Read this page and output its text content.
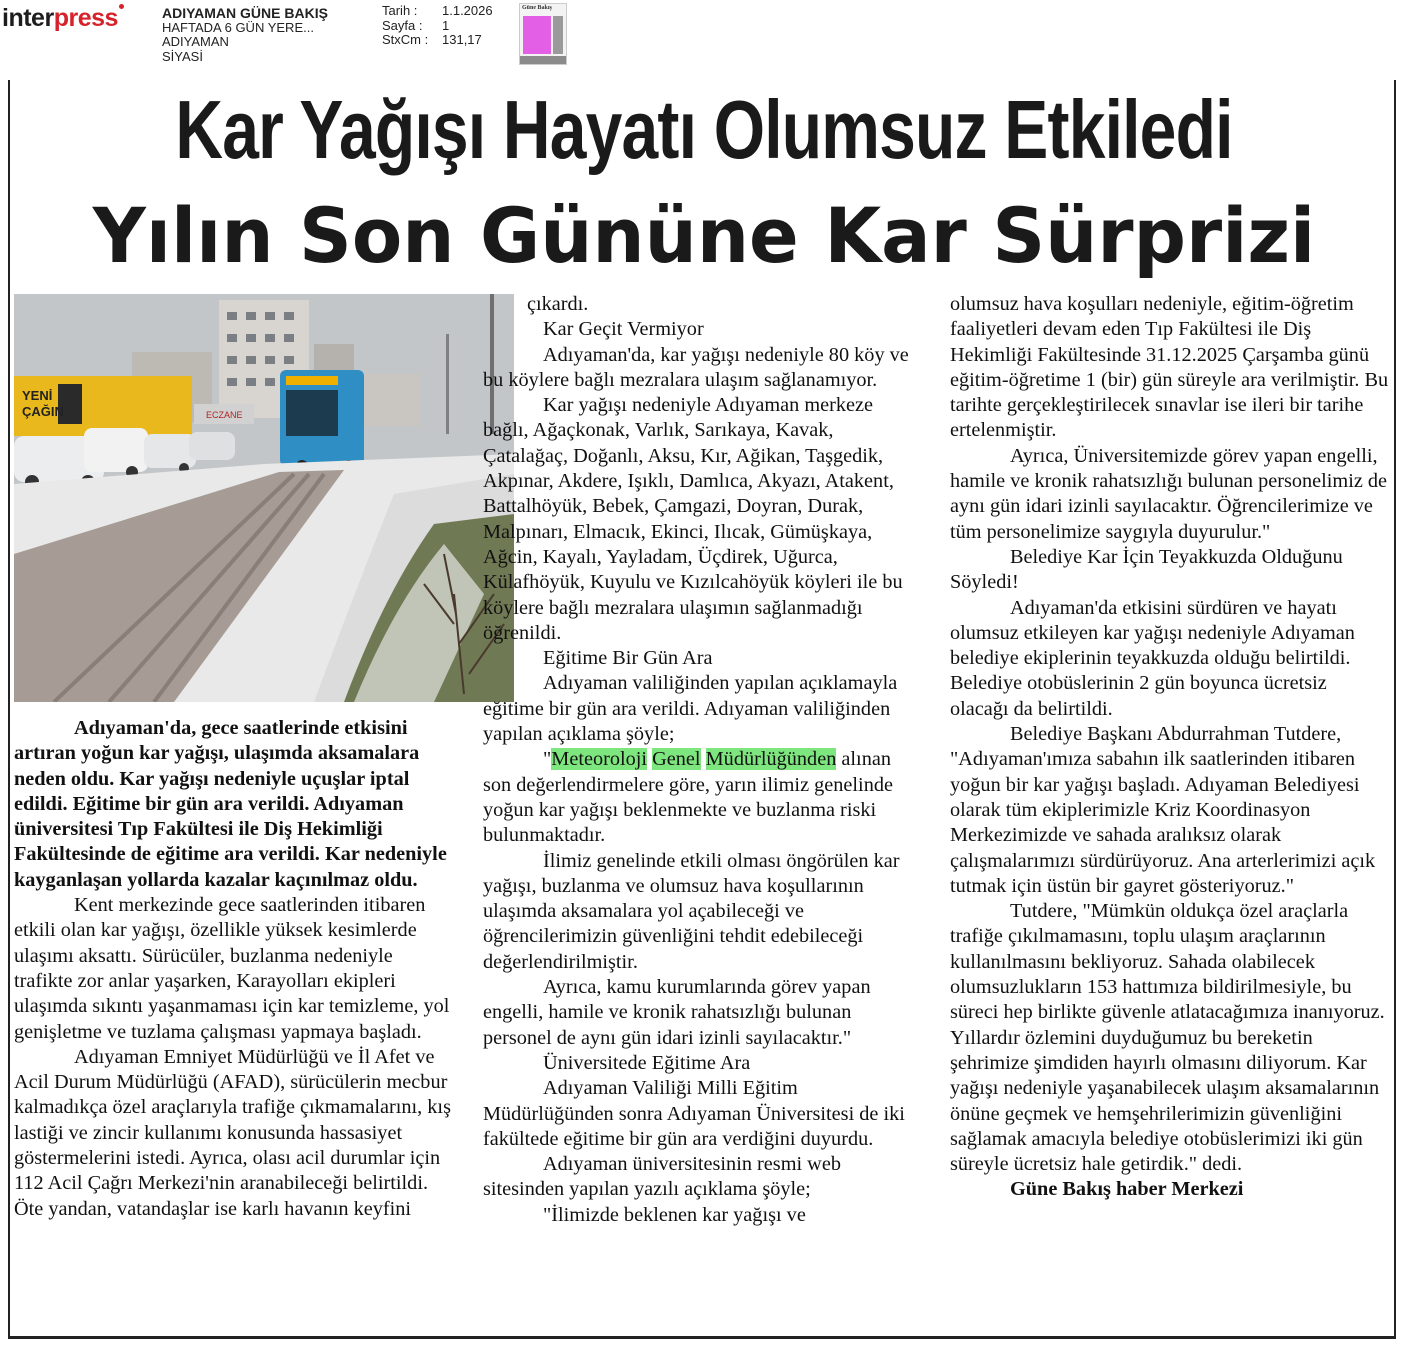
interpress	ADIYAMAN GÜNE BAKIŞ
HAFTADA 6 GÜN YERE...
ADIYAMAN
SİYASİ
Tarih :	1.1.2026
Sayfa :	1
StxCm :	131,17
Güne Bakış
Kar Yağışı Hayatı Olumsuz Etkiledi
Yılın Son Gününe Kar Sürprizi
YENİ
ÇAĞIN	ECZANE

Adıyaman'da, gece saatlerinde etkisini artıran yoğun kar yağışı, ulaşımda aksamalara neden oldu. Kar yağışı nedeniyle uçuşlar iptal edildi. Eğitime bir gün ara verildi. Adıyaman üniversitesi Tıp Fakültesi ile Diş Hekimliği Fakültesinde de eğitime ara verildi. Kar nedeniyle kayganlaşan yollarda kazalar kaçınılmaz oldu.

Kent merkezinde gece saatlerinden itibaren etkili olan kar yağışı, özellikle yüksek kesimlerde ulaşımı aksattı. Sürücüler, buzlanma nedeniyle trafikte zor anlar yaşarken, Karayolları ekipleri ulaşımda sıkıntı yaşanmaması için kar temizleme, yol genişletme ve tuzlama çalışması yapmaya başladı.

Adıyaman Emniyet Müdürlüğü ve İl Afet ve Acil Durum Müdürlüğü (AFAD), sürücülerin mecbur kalmadıkça özel araçlarıyla trafiğe çıkmamalarını, kış lastiği ve zincir kullanımı konusunda hassasiyet göstermelerini istedi. Ayrıca, olası acil durumlar için 112 Acil Çağrı Merkezi'nin aranabileceği belirtildi. Öte yandan, vatandaşlar ise karlı havanın keyfini

çıkardı.

Kar Geçit Vermiyor

Adıyaman'da, kar yağışı nedeniyle 80 köy ve bu köylere bağlı mezralara ulaşım sağlanamıyor.

Kar yağışı nedeniyle Adıyaman merkeze bağlı, Ağaçkonak, Varlık, Sarıkaya, Kavak, Çatalağaç, Doğanlı, Aksu, Kır, Ağikan, Taşgedik, Akpınar, Akdere, Işıklı, Damlıca, Akyazı, Atakent, Battalhöyük, Bebek, Çamgazi, Doyran, Durak, Malpınarı, Elmacık, Ekinci, Ilıcak, Gümüşkaya, Ağcin, Kayalı, Yayladam, Üçdirek, Uğurca, Külafhöyük, Kuyulu ve Kızılcahöyük köyleri ile bu köylere bağlı mezralara ulaşımın sağlanmadığı öğrenildi.

Eğitime Bir Gün Ara

Adıyaman valiliğinden yapılan açıklamayla eğitime bir gün ara verildi. Adıyaman valiliğinden yapılan açıklama şöyle;

"Meteoroloji Genel Müdürlüğünden alınan son değerlendirmelere göre, yarın ilimiz genelinde yoğun kar yağışı beklenmekte ve buzlanma riski bulunmaktadır.

İlimiz genelinde etkili olması öngörülen kar yağışı, buzlanma ve olumsuz hava koşullarının ulaşımda aksamalara yol açabileceği ve öğrencilerimizin güvenliğini tehdit edebileceği değerlendirilmiştir.

Ayrıca, kamu kurumlarında görev yapan engelli, hamile ve kronik rahatsızlığı bulunan personel de aynı gün idari izinli sayılacaktır."

Üniversitede Eğitime Ara

Adıyaman Valiliği Milli Eğitim Müdürlüğünden sonra Adıyaman Üniversitesi de iki fakültede eğitime bir gün ara verdiğini duyurdu.

Adıyaman üniversitesinin resmi web sitesinden yapılan yazılı açıklama şöyle;

"İlimizde beklenen kar yağışı ve

olumsuz hava koşulları nedeniyle, eğitim-öğretim faaliyetleri devam eden Tıp Fakültesi ile Diş Hekimliği Fakültesinde 31.12.2025 Çarşamba günü eğitim-öğretime 1 (bir) gün süreyle ara verilmiştir. Bu tarihte gerçekleştirilecek sınavlar ise ileri bir tarihe ertelenmiştir.

Ayrıca, Üniversitemizde görev yapan engelli, hamile ve kronik rahatsızlığı bulunan personelimiz de aynı gün idari izinli sayılacaktır. Öğrencilerimize ve tüm personelimize saygıyla duyurulur."

Belediye Kar İçin Teyakkuzda Olduğunu Söyledi!

Adıyaman'da etkisini sürdüren ve hayatı olumsuz etkileyen kar yağışı nedeniyle Adıyaman belediye ekiplerinin teyakkuzda olduğu belirtildi. Belediye otobüslerinin 2 gün boyunca ücretsiz olacağı da belirtildi.

Belediye Başkanı Abdurrahman Tutdere, "Adıyaman'ımıza sabahın ilk saatlerinden itibaren yoğun bir kar yağışı başladı. Adıyaman Belediyesi olarak tüm ekiplerimizle Kriz Koordinasyon Merkezimizde ve sahada aralıksız olarak çalışmalarımızı sürdürüyoruz. Ana arterlerimizi açık tutmak için üstün bir gayret gösteriyoruz."

Tutdere, "Mümkün oldukça özel araçlarla trafiğe çıkılmamasını, toplu ulaşım araçlarının kullanılmasını bekliyoruz. Sahada olabilecek olumsuzlukların 153 hattımıza bildirilmesiyle, bu süreci hep birlikte güvenle atlatacağımıza inanıyoruz. Yıllardır özlemini duyduğumuz bu bereketin şehrimize şimdiden hayırlı olmasını diliyorum. Kar yağışı nedeniyle yaşanabilecek ulaşım aksamalarının önüne geçmek ve hemşehrilerimizin güvenliğini sağlamak amacıyla belediye otobüslerimizi iki gün süreyle ücretsiz hale getirdik." dedi.

Güne Bakış haber Merkezi
